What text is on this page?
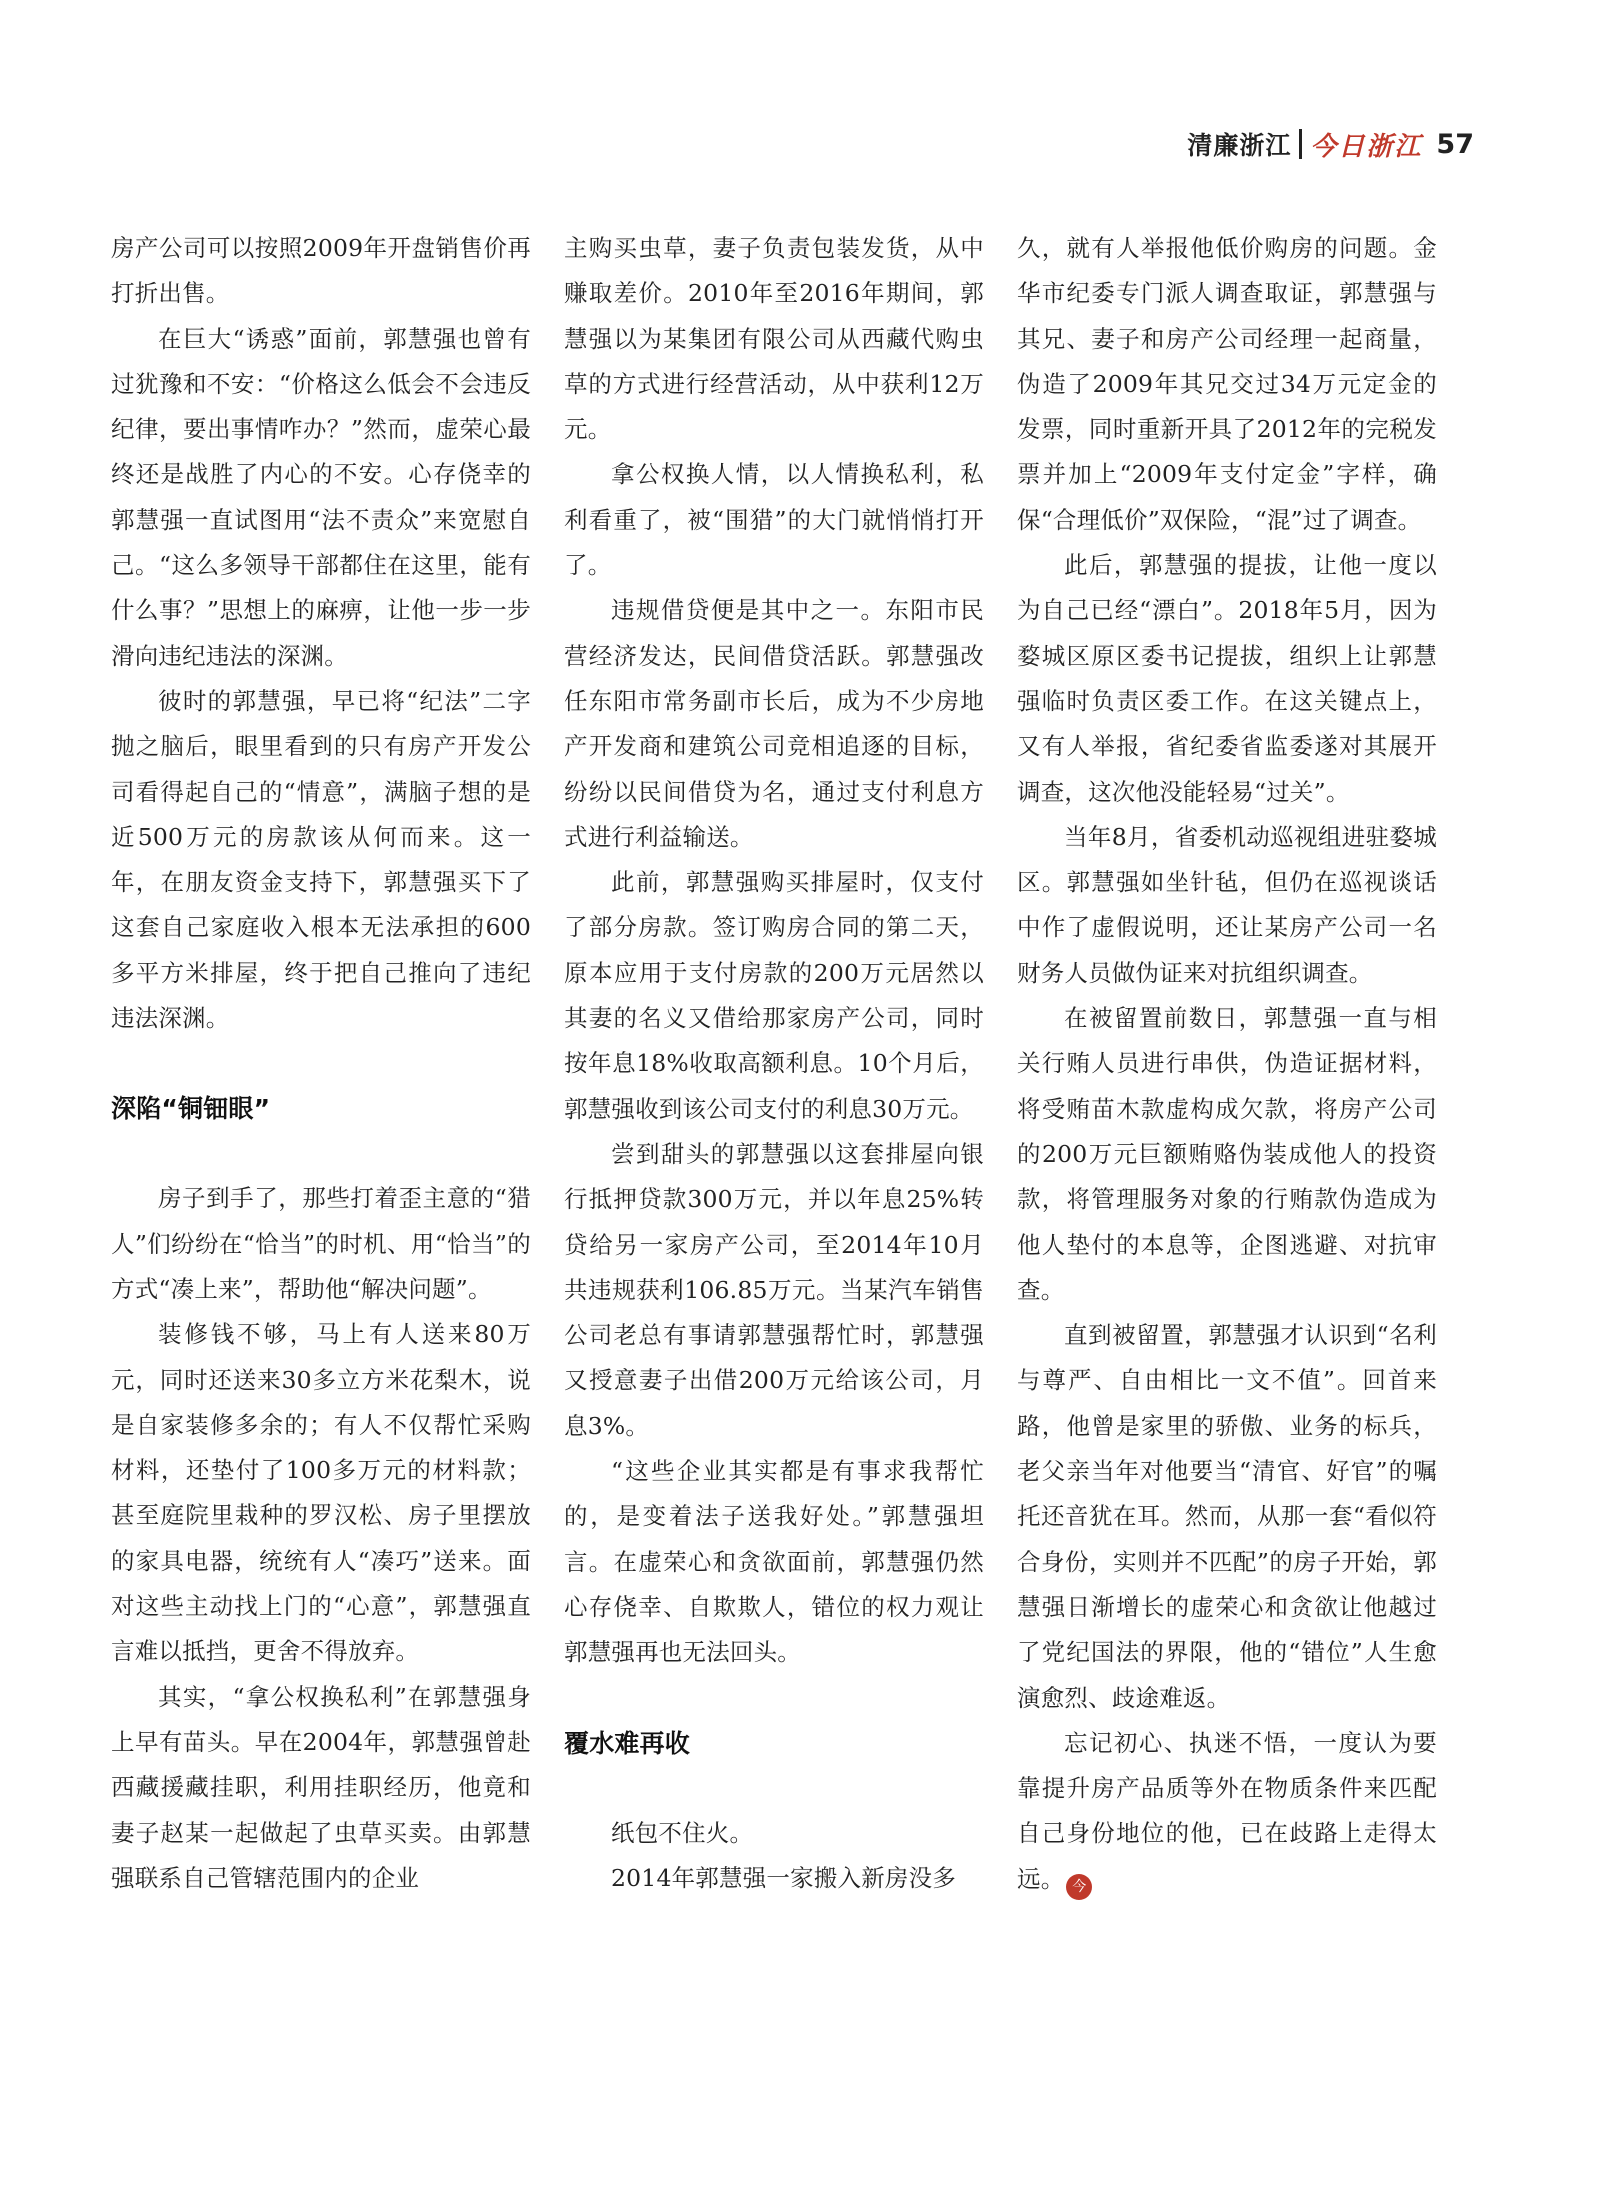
清廉浙江 今日浙江 57

房产公司可以按照2009年开盘销售价再打折出售。

在巨大“诱惑”面前，郭慧强也曾有过犹豫和不安：“价格这么低会不会违反纪律，要出事情咋办？”然而，虚荣心最终还是战胜了内心的不安。心存侥幸的郭慧强一直试图用“法不责众”来宽慰自己。“这么多领导干部都住在这里，能有什么事？”思想上的麻痹，让他一步一步滑向违纪违法的深渊。

彼时的郭慧强，早已将“纪法”二字抛之脑后，眼里看到的只有房产开发公司看得起自己的“情意”，满脑子想的是近500万元的房款该从何而来。这一年，在朋友资金支持下，郭慧强买下了这套自己家庭收入根本无法承担的600多平方米排屋，终于把自己推向了违纪违法深渊。

深陷“铜钿眼”

房子到手了，那些打着歪主意的“猎人”们纷纷在“恰当”的时机、用“恰当”的方式“凑上来”，帮助他“解决问题”。

装修钱不够，马上有人送来80万元，同时还送来30多立方米花梨木，说是自家装修多余的；有人不仅帮忙采购材料，还垫付了100多万元的材料款；甚至庭院里栽种的罗汉松、房子里摆放的家具电器，统统有人“凑巧”送来。面对这些主动找上门的“心意”，郭慧强直言难以抵挡，更舍不得放弃。

其实，“拿公权换私利”在郭慧强身上早有苗头。早在2004年，郭慧强曾赴西藏援藏挂职，利用挂职经历，他竟和妻子赵某一起做起了虫草买卖。由郭慧强联系自己管辖范围内的企业

主购买虫草，妻子负责包装发货，从中赚取差价。2010年至2016年期间，郭慧强以为某集团有限公司从西藏代购虫草的方式进行经营活动，从中获利12万元。

拿公权换人情，以人情换私利，私利看重了，被“围猎”的大门就悄悄打开了。

违规借贷便是其中之一。东阳市民营经济发达，民间借贷活跃。郭慧强改任东阳市常务副市长后，成为不少房地产开发商和建筑公司竞相追逐的目标，纷纷以民间借贷为名，通过支付利息方式进行利益输送。

此前，郭慧强购买排屋时，仅支付了部分房款。签订购房合同的第二天，原本应用于支付房款的200万元居然以其妻的名义又借给那家房产公司，同时按年息18%收取高额利息。10个月后，郭慧强收到该公司支付的利息30万元。

尝到甜头的郭慧强以这套排屋向银行抵押贷款300万元，并以年息25%转贷给另一家房产公司，至2014年10月共违规获利106.85万元。当某汽车销售公司老总有事请郭慧强帮忙时，郭慧强又授意妻子出借200万元给该公司，月息3%。

“这些企业其实都是有事求我帮忙的，是变着法子送我好处。”郭慧强坦言。在虚荣心和贪欲面前，郭慧强仍然心存侥幸、自欺欺人，错位的权力观让郭慧强再也无法回头。

覆水难再收

纸包不住火。

2014年郭慧强一家搬入新房没多

久，就有人举报他低价购房的问题。金华市纪委专门派人调查取证，郭慧强与其兄、妻子和房产公司经理一起商量，伪造了2009年其兄交过34万元定金的发票，同时重新开具了2012年的完税发票并加上“2009年支付定金”字样，确保“合理低价”双保险，“混”过了调查。

此后，郭慧强的提拔，让他一度以为自己已经“漂白”。2018年5月，因为婺城区原区委书记提拔，组织上让郭慧强临时负责区委工作。在这关键点上，又有人举报，省纪委省监委遂对其展开调查，这次他没能轻易“过关”。

当年8月，省委机动巡视组进驻婺城区。郭慧强如坐针毡，但仍在巡视谈话中作了虚假说明，还让某房产公司一名财务人员做伪证来对抗组织调查。

在被留置前数日，郭慧强一直与相关行贿人员进行串供，伪造证据材料，将受贿苗木款虚构成欠款，将房产公司的200万元巨额贿赂伪装成他人的投资款，将管理服务对象的行贿款伪造成为他人垫付的本息等，企图逃避、对抗审查。

直到被留置，郭慧强才认识到“名利与尊严、自由相比一文不值”。回首来路，他曾是家里的骄傲、业务的标兵，老父亲当年对他要当“清官、好官”的嘱托还音犹在耳。然而，从那一套“看似符合身份，实则并不匹配”的房子开始，郭慧强日渐增长的虚荣心和贪欲让他越过了党纪国法的界限，他的“错位”人生愈演愈烈、歧途难返。

忘记初心、执迷不悟，一度认为要靠提升房产品质等外在物质条件来匹配自己身份地位的他，已在歧路上走得太远。 今
